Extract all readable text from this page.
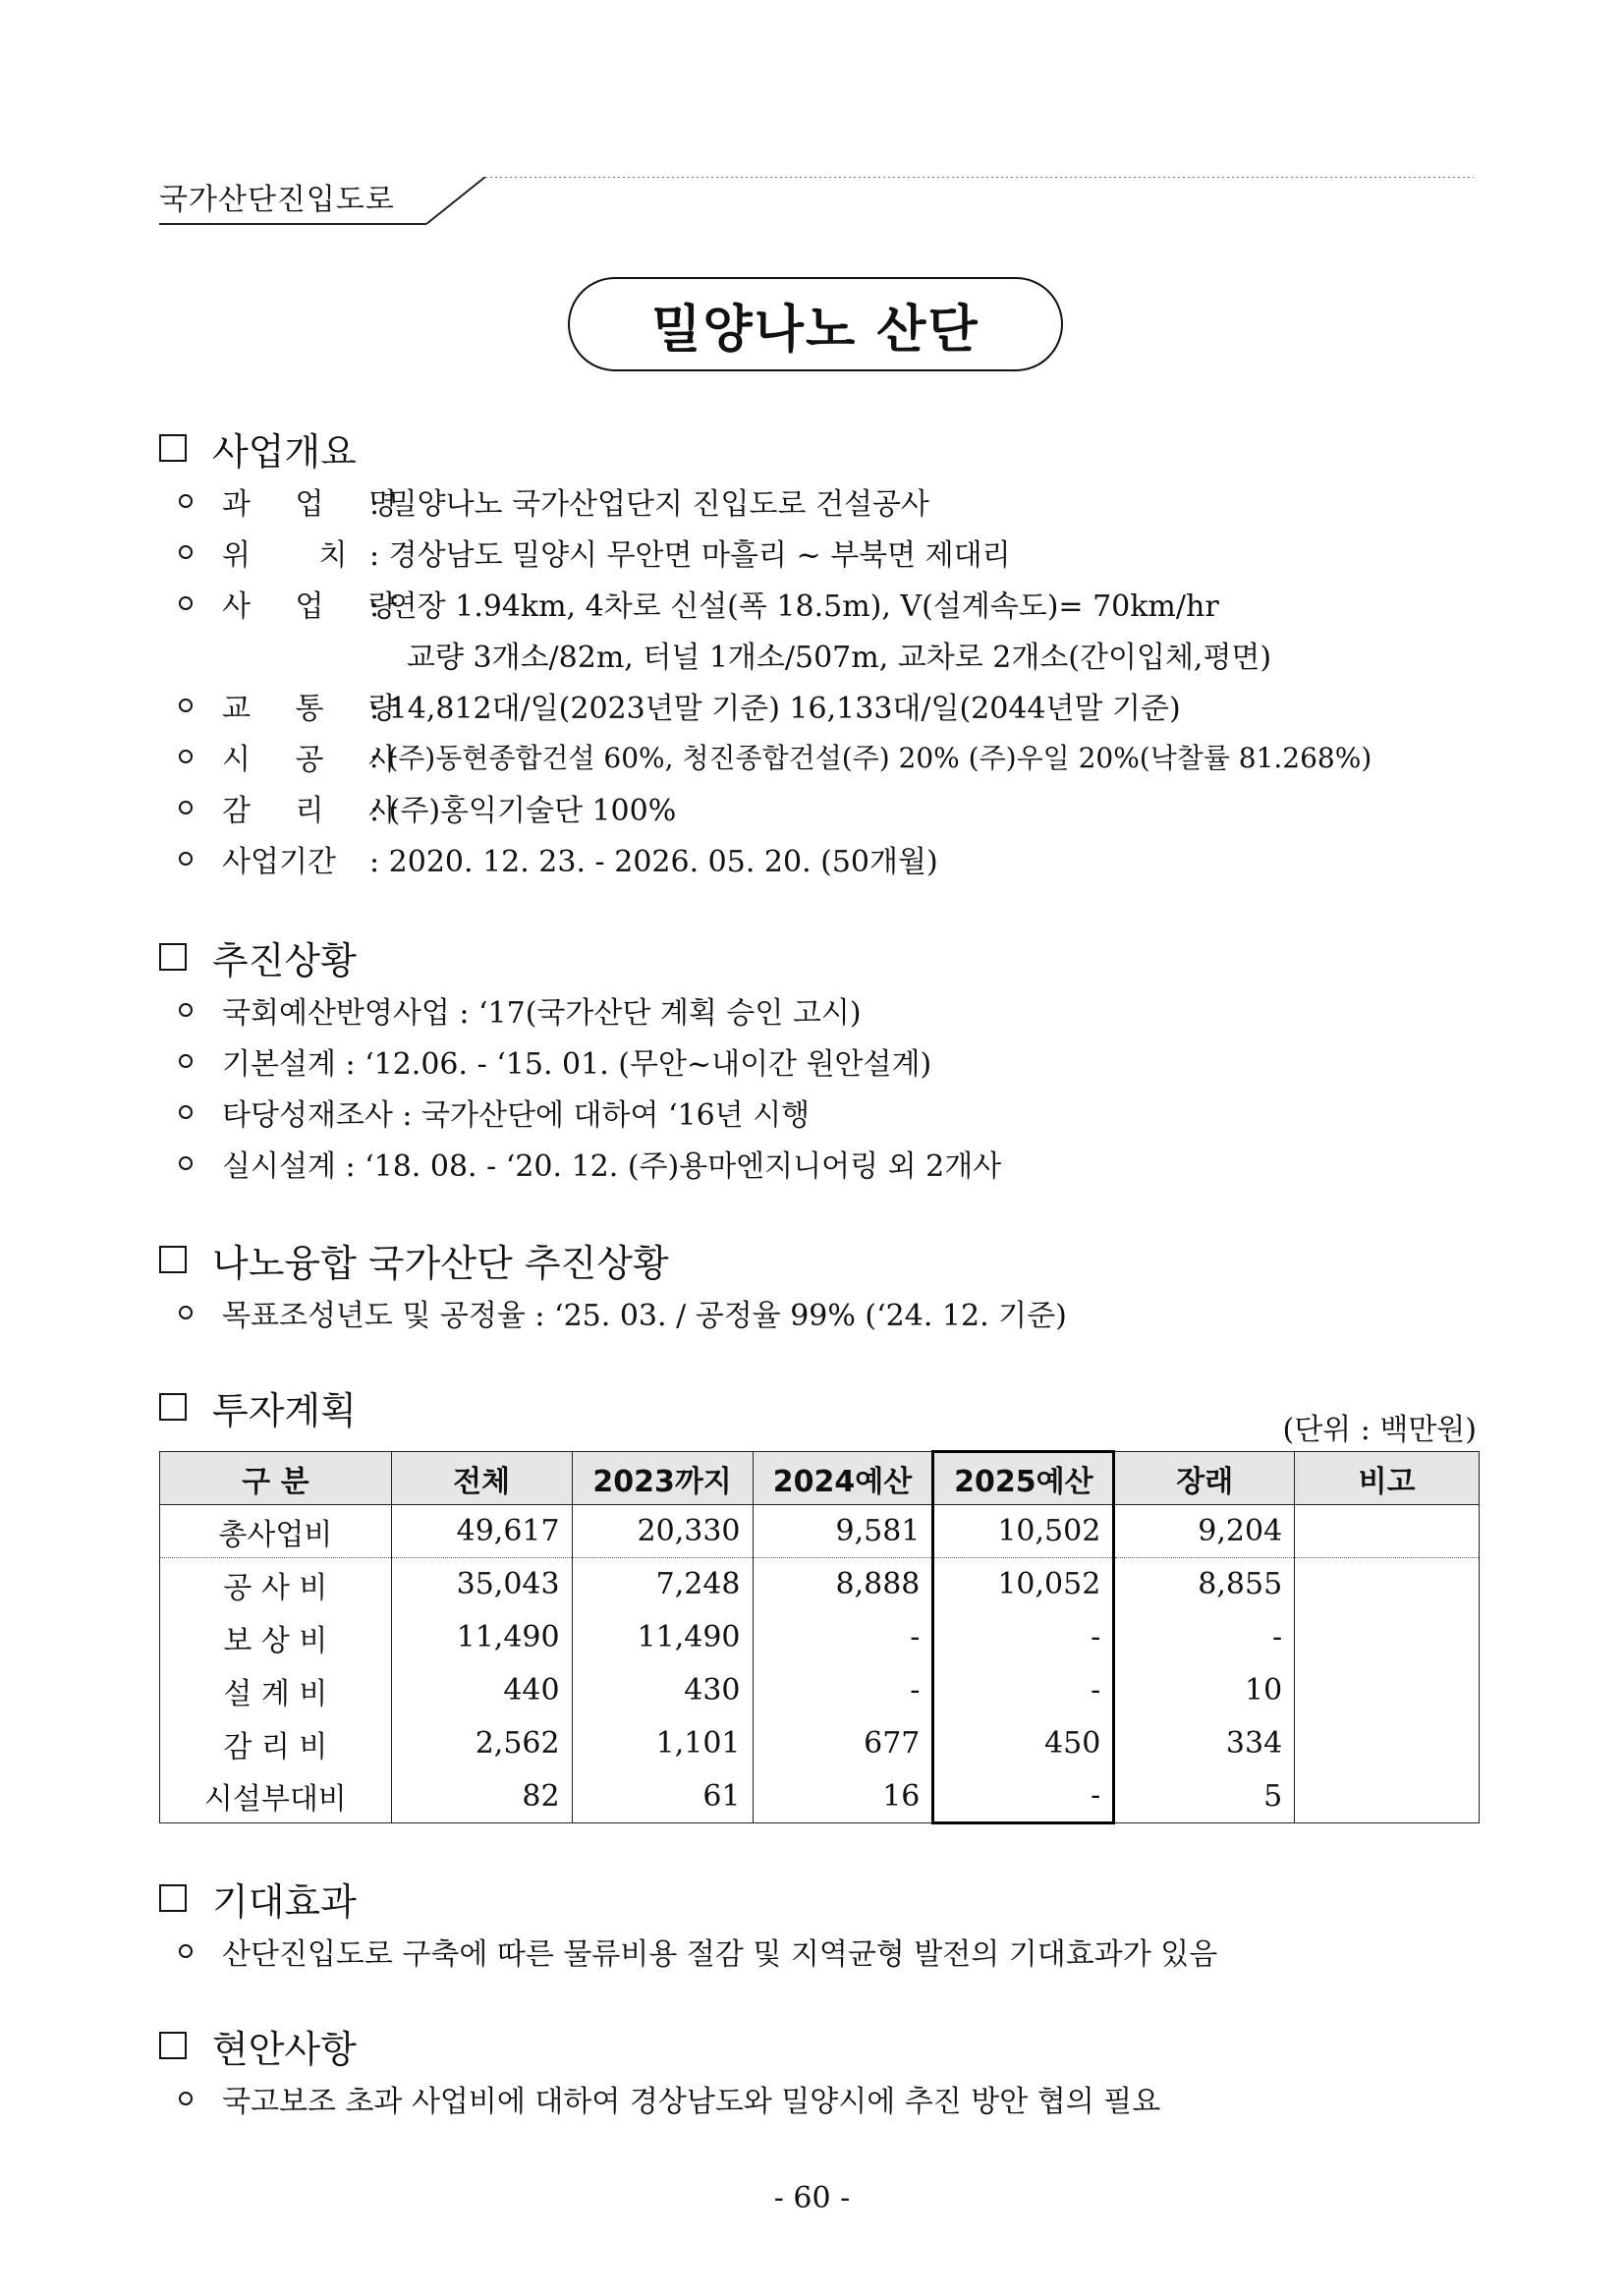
국가산단진입도로
밀양나노 산단
사업개요
과 업 명
: 밀양나노 국가산업단지 진입도로 건설공사
위 치 : 경상남도 밀양시 무안면 마흘리 ~ 부북면 제대리
사 업 량
: 연장 1.94km, 4차로 신설(폭 18.5m), V(설계속도)= 70km/hr
교량 3개소/82m, 터널 1개소/507m, 교차로 2개소(간이입체,평면)
교 통 량
: 14,812대/일(2023년말 기준) 16,133대/일(2044년말 기준)
시 공 사
: (주)동현종합건설 60%, 청진종합건설(주) 20% (주)우일 20%(낙찰률 81.268%)
감 리 사
: (주)홍익기술단 100%
사업기간	: 2020. 12. 23. - 2026. 05. 20. (50개월)
추진상황
국회예산반영사업 : ‘17(국가산단 계획 승인 고시)
기본설계 : ‘12.06. - ‘15. 01. (무안~내이간 원안설계)
타당성재조사 : 국가산단에 대하여 ‘16년 시행
실시설계 : ‘18. 08. - ‘20. 12. (주)용마엔지니어링 외 2개사
나노융합 국가산단 추진상황
목표조성년도 및 공정율 : ‘25. 03. / 공정율 99% (‘24. 12. 기준)
투자계획	(단위 : 백만원)
구 분	전체	2023까지	2024예산	2025예산	장래	비고
총사업비	49,617	20,330	9,581	10,502	9,204	
공 사 비	35,043	7,248	8,888	10,052	8,855	
보 상 비	11,490	11,490	-	-	-	
설 계 비	440	430	-	-	10	
감 리 비	2,562	1,101	677	450	334	
시설부대비	82	61	16	-	5	
기대효과
산단진입도로 구축에 따른 물류비용 절감 및 지역균형 발전의 기대효과가 있음
현안사항
국고보조 초과 사업비에 대하여 경상남도와 밀양시에 추진 방안 협의 필요
- 60 -
